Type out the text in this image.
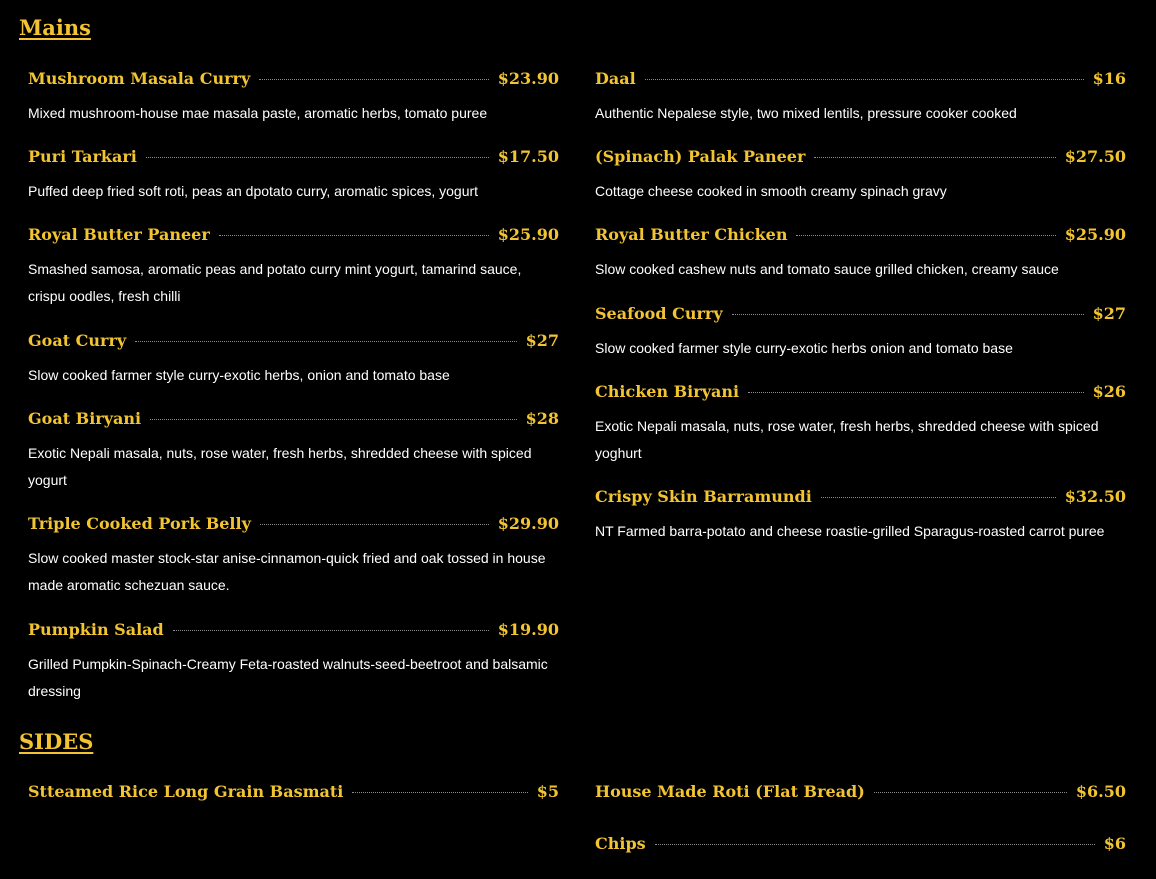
Mains
Mushroom Masala Curry	$23.90
Mixed mushroom-house mae masala paste, aromatic herbs, tomato puree
Puri Tarkari	$17.50
Puffed deep fried soft roti, peas an dpotato curry, aromatic spices, yogurt
Royal Butter Paneer	$25.90
Smashed samosa, aromatic peas and potato curry mint yogurt, tamarind sauce, crispu oodles, fresh chilli
Goat Curry	$27
Slow cooked farmer style curry-exotic herbs, onion and tomato base
Goat Biryani	$28
Exotic Nepali masala, nuts, rose water, fresh herbs, shredded cheese with spiced yogurt
Triple Cooked Pork Belly	$29.90
Slow cooked master stock-star anise-cinnamon-quick fried and oak tossed in house made aromatic schezuan sauce.
Pumpkin Salad	$19.90
Grilled Pumpkin-Spinach-Creamy Feta-roasted walnuts-seed-beetroot and balsamic dressing
Daal	$16
Authentic Nepalese style, two mixed lentils, pressure cooker cooked
(Spinach) Palak Paneer	$27.50
Cottage cheese cooked in smooth creamy spinach gravy
Royal Butter Chicken	$25.90
Slow cooked cashew nuts and tomato sauce grilled chicken, creamy sauce
Seafood Curry	$27
Slow cooked farmer style curry-exotic herbs onion and tomato base
Chicken Biryani	$26
Exotic Nepali masala, nuts, rose water, fresh herbs, shredded cheese with spiced yoghurt
Crispy Skin Barramundi	$32.50
NT Farmed barra-potato and cheese roastie-grilled Sparagus-roasted carrot puree
SIDES
Stteamed Rice Long Grain Basmati	$5 House Made Roti (Flat Bread)	$6.50
Chips	$6
